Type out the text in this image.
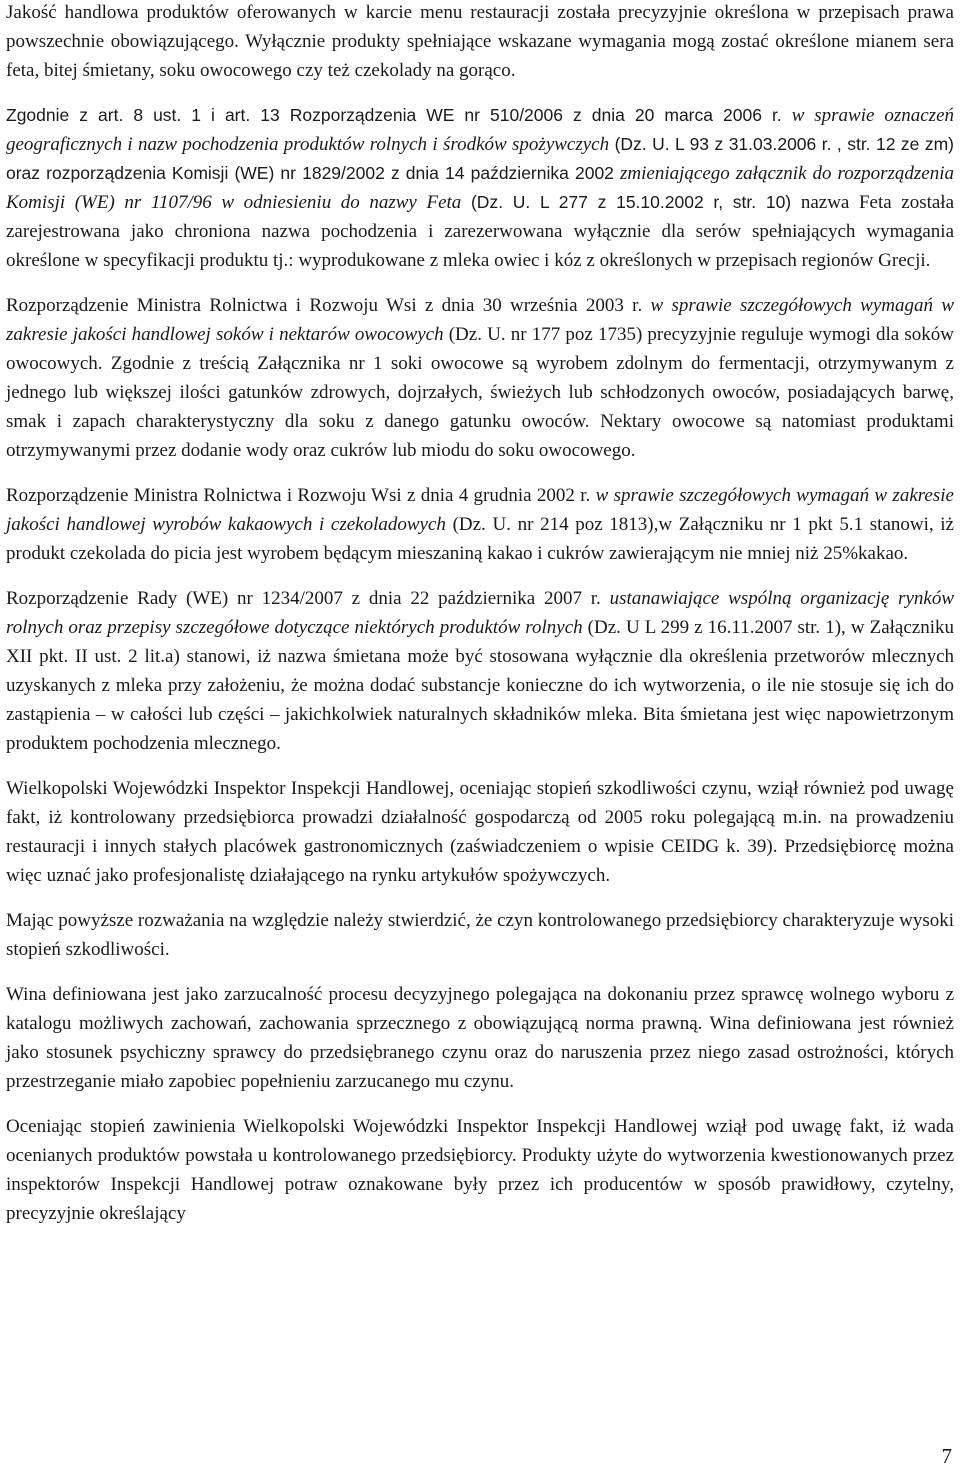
Jakość handlowa produktów oferowanych w karcie menu restauracji została precyzyjnie określona w przepisach prawa powszechnie obowiązującego. Wyłącznie produkty spełniające wskazane wymagania mogą zostać określone mianem sera feta, bitej śmietany, soku owocowego czy też czekolady na gorąco.

Zgodnie z art. 8 ust. 1 i art. 13 Rozporządzenia WE nr 510/2006 z dnia 20 marca 2006 r. w sprawie oznaczeń geograficznych i nazw pochodzenia produktów rolnych i środków spożywczych (Dz. U. L 93 z 31.03.2006 r. , str. 12 ze zm) oraz rozporządzenia Komisji (WE) nr 1829/2002 z dnia 14 października 2002 zmieniającego załącznik do rozporządzenia Komisji (WE) nr 1107/96 w odniesieniu do nazwy Feta (Dz. U. L 277 z 15.10.2002 r, str. 10) nazwa Feta została zarejestrowana jako chroniona nazwa pochodzenia i zarezerwowana wyłącznie dla serów spełniających wymagania określone w specyfikacji produktu tj.: wyprodukowane z mleka owiec i kóz z określonych w przepisach regionów Grecji.

Rozporządzenie Ministra Rolnictwa i Rozwoju Wsi z dnia 30 września 2003 r. w sprawie szczegółowych wymagań w zakresie jakości handlowej soków i nektarów owocowych (Dz. U. nr 177 poz 1735) precyzyjnie reguluje wymogi dla soków owocowych. Zgodnie z treścią Załącznika nr 1 soki owocowe są wyrobem zdolnym do fermentacji, otrzymywanym z jednego lub większej ilości gatunków zdrowych, dojrzałych, świeżych lub schłodzonych owoców, posiadających barwę, smak i zapach charakterystyczny dla soku z danego gatunku owoców. Nektary owocowe są natomiast produktami otrzymywanymi przez dodanie wody oraz cukrów lub miodu do soku owocowego.

Rozporządzenie Ministra Rolnictwa i Rozwoju Wsi z dnia 4 grudnia 2002 r. w sprawie szczegółowych wymagań w zakresie jakości handlowej wyrobów kakaowych i czekoladowych (Dz. U. nr 214 poz 1813),w Załączniku nr 1 pkt 5.1 stanowi, iż produkt czekolada do picia jest wyrobem będącym mieszaniną kakao i cukrów zawierającym nie mniej niż 25%kakao.

Rozporządzenie Rady (WE) nr 1234/2007 z dnia 22 października 2007 r. ustanawiające wspólną organizację rynków rolnych oraz przepisy szczegółowe dotyczące niektórych produktów rolnych (Dz. U L 299 z 16.11.2007 str. 1), w Załączniku XII pkt. II ust. 2 lit.a) stanowi, iż nazwa śmietana może być stosowana wyłącznie dla określenia przetworów mlecznych uzyskanych z mleka przy założeniu, że można dodać substancje konieczne do ich wytworzenia, o ile nie stosuje się ich do zastąpienia – w całości lub części – jakichkolwiek naturalnych składników mleka. Bita śmietana jest więc napowietrzonym produktem pochodzenia mlecznego.

Wielkopolski Wojewódzki Inspektor Inspekcji Handlowej, oceniając stopień szkodliwości czynu, wziął również pod uwagę fakt, iż kontrolowany przedsiębiorca prowadzi działalność gospodarczą od 2005 roku polegającą m.in. na prowadzeniu restauracji i innych stałych placówek gastronomicznych (zaświadczeniem o wpisie CEIDG k. 39). Przedsiębiorcę można więc uznać jako profesjonalistę działającego na rynku artykułów spożywczych.

Mając powyższe rozważania na względzie należy stwierdzić, że czyn kontrolowanego przedsiębiorcy charakteryzuje wysoki stopień szkodliwości.

Wina definiowana jest jako zarzucalność procesu decyzyjnego polegająca na dokonaniu przez sprawcę wolnego wyboru z katalogu możliwych zachowań, zachowania sprzecznego z obowiązującą norma prawną. Wina definiowana jest również jako stosunek psychiczny sprawcy do przedsiębranego czynu oraz do naruszenia przez niego zasad ostrożności, których przestrzeganie miało zapobiec popełnieniu zarzucanego mu czynu.

Oceniając stopień zawinienia Wielkopolski Wojewódzki Inspektor Inspekcji Handlowej wziął pod uwagę fakt, iż wada ocenianych produktów powstała u kontrolowanego przedsiębiorcy. Produkty użyte do wytworzenia kwestionowanych przez inspektorów Inspekcji Handlowej potraw oznakowane były przez ich producentów w sposób prawidłowy, czytelny, precyzyjnie określający

7
